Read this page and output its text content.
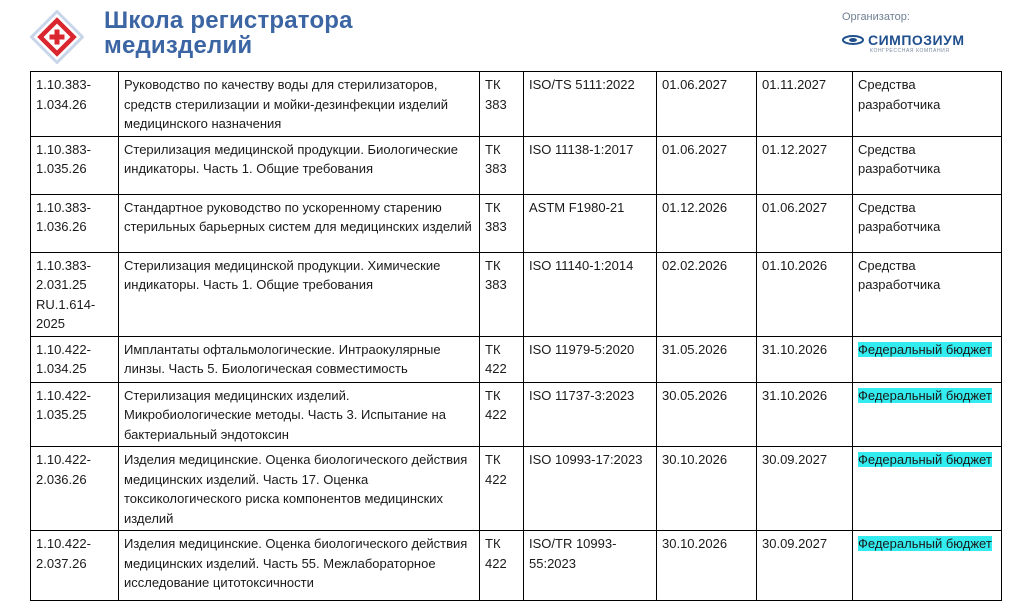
Школа регистратора
медизделий
Организатор:
СИМПОЗИУМ
КОНГРЕССНАЯ КОМПАНИЯ
1.10.383-1.034.26	Руководство по качеству воды для стерилизаторов, средств стерилизации и мойки-дезинфекции изделий медицинского назначения	ТК 383	ISO/TS 5111:2022	01.06.2027	01.11.2027	Средства разработчика
1.10.383-1.035.26	Стерилизация медицинской продукции. Биологические индикаторы. Часть 1. Общие требования	ТК 383	ISO 11138-1:2017	01.06.2027	01.12.2027	Средства разработчика
1.10.383-1.036.26	Стандартное руководство по ускоренному старению стерильных барьерных систем для медицинских изделий	ТК 383	ASTM F1980-21	01.12.2026	01.06.2027	Средства разработчика
1.10.383-2.031.25 RU.1.614-2025	Стерилизация медицинской продукции. Химические индикаторы. Часть 1. Общие требования	ТК 383	ISO 11140-1:2014	02.02.2026	01.10.2026	Средства разработчика
1.10.422-1.034.25	Имплантаты офтальмологические. Интраокулярные линзы. Часть 5. Биологическая совместимость	ТК 422	ISO 11979-5:2020	31.05.2026	31.10.2026	Федеральный бюджет
1.10.422-1.035.25	Стерилизация медицинских изделий. Микробиологические методы. Часть 3. Испытание на бактериальный эндотоксин	ТК 422	ISO 11737-3:2023	30.05.2026	31.10.2026	Федеральный бюджет
1.10.422-2.036.26	Изделия медицинские. Оценка биологического действия медицинских изделий. Часть 17. Оценка токсикологического риска компонентов медицинских изделий	ТК 422	ISO 10993-17:2023	30.10.2026	30.09.2027	Федеральный бюджет
1.10.422-2.037.26	Изделия медицинские. Оценка биологического действия медицинских изделий. Часть 55. Межлабораторное исследование цитотоксичности	ТК 422	ISO/TR 10993-55:2023	30.10.2026	30.09.2027	Федеральный бюджет
